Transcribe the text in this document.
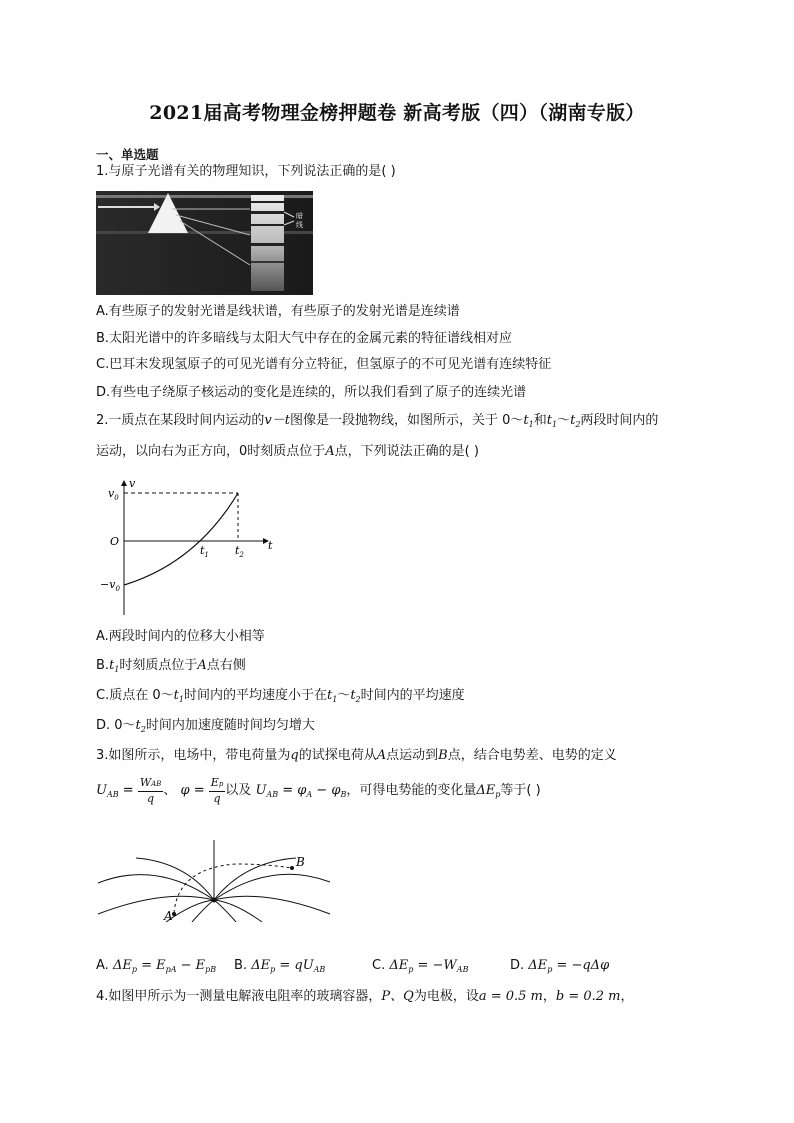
2021届高考物理金榜押题卷 新高考版（四）（湖南专版）
一、单选题
1.与原子光谱有关的物理知识，下列说法正确的是( )
暗
线
A.有些原子的发射光谱是线状谱，有些原子的发射光谱是连续谱
B.太阳光谱中的许多暗线与太阳大气中存在的金属元素的特征谱线相对应
C.巴耳末发现氢原子的可见光谱有分立特征，但氢原子的不可见光谱有连续特征
D.有些电子绕原子核运动的变化是连续的，所以我们看到了原子的连续光谱
2.一质点在某段时间内运动的v－t图像是一段抛物线，如图所示，关于 $0\sim t_1$和$t_1\sim t_2$两段时间内的
运动，以向右为正方向，0时刻质点位于A点，下列说法正确的是( )
v
t
O
$v_0$
$-v_0$
$t_1$ $t_2$
A.两段时间内的位移大小相等
$B.t_1$时刻质点位于A点右侧
C.质点在 $0\sim t_1$时间内的平均速度小于在$t_1\sim t_2$时间内的平均速度
D. $0\sim t_2$时间内加速度随时间均匀增大
3.如图所示，电场中，带电荷量为q的试探电荷从A点运动到B点，结合电势差、电势的定义
$U_{AB} = \frac{\text{WAB}}{q}$ 、 $\varphi = \frac{Ep}{q}$ 以及 $U_{AB} = \varphi_A - \varphi_B$，可得电势能的变化量$\Delta E_p$等于( )
A
B
A. $\Delta E_p = E_{pA} - E_{pB}$ B. $\Delta E_p = qU_{AB}$	C. $\Delta E_p = -W_{AB}$	D. $\Delta E_p = -q\Delta\varphi$
4.如图甲所示为一测量电解液电阻率的玻璃容器，P、Q为电极，设a = 0.5 m，b = 0.2 m，
